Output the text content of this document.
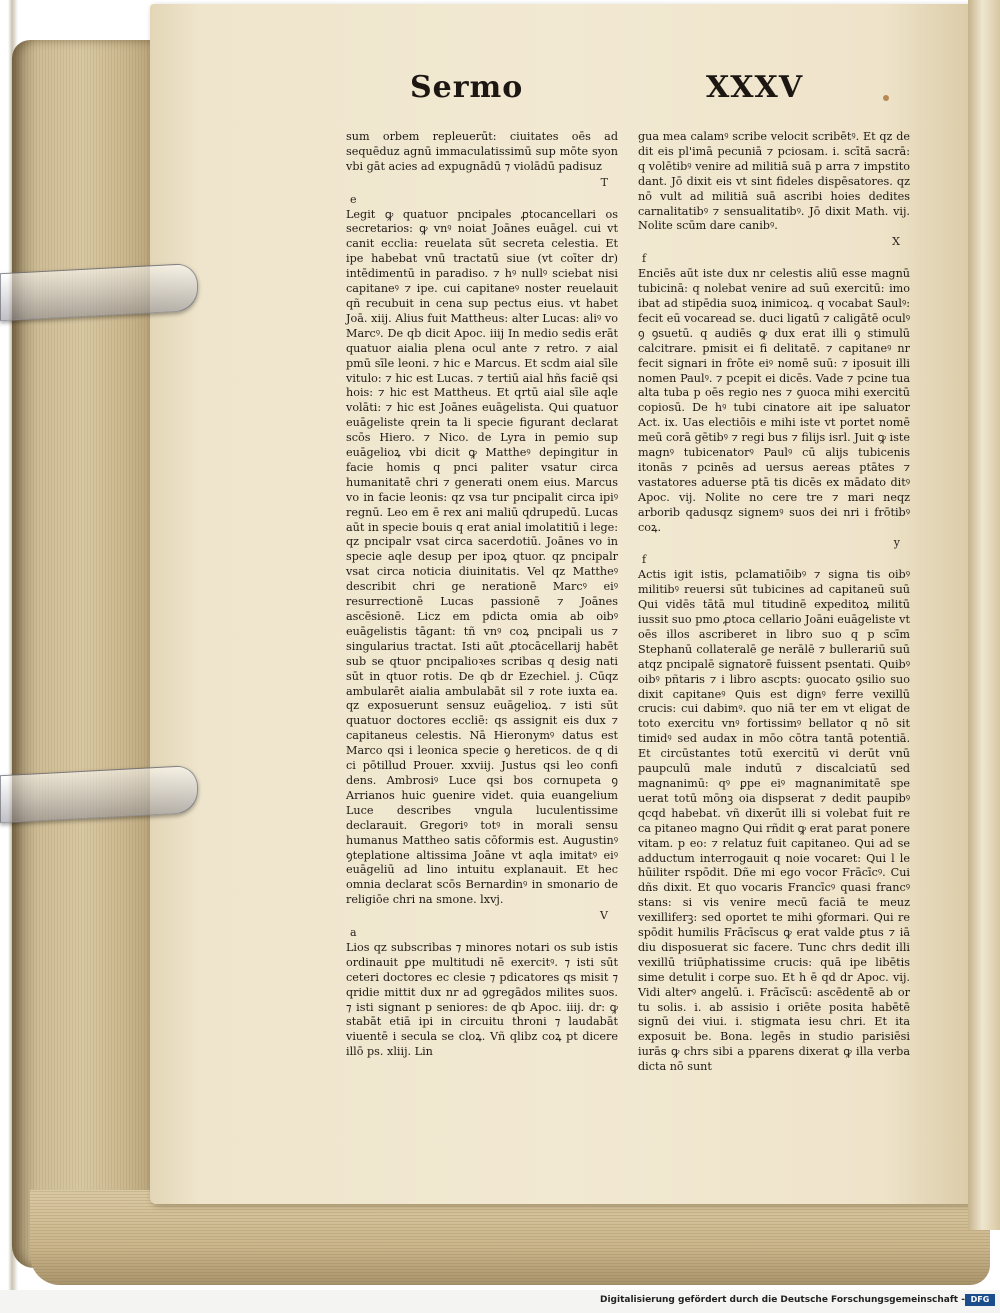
Sermo	XXXV

sum orbem repleuerūt: ciuitates oēs ad sequēduz agnū immaculatissimū sup mōte syon vbi gāt acies ad expugnādū ⁊ violādū padisuz

T
e

Legit ꝙ quatuor pncipales ꝓtocancellari os secretarios: ꝙ vnꝰ noiat Joānes euāgel. cui vt canit ecclia: reuelata sūt secreta celestia. Et ipe habebat vnū tractatū siue (vt coīter dr) intēdimentū in paradiso. ⁊ hꝰ nullꝰ sciebat nisi capitaneꝰ ⁊ ipe. cui capitaneꝰ noster reuelauit qñ recubuit in cena sup pectus eius. vt habet Joā. xiij. Alius fuit Mattheus: alter Lucas: aliꝰ vo Marcꝰ. De qb dicit Apoc. iiij In medio sedis erāt quatuor aialia plena ocul ante ⁊ retro. ⁊ aial pmū sīle leoni. ⁊ hic e Marcus. Et scdm aial sīle vitulo: ⁊ hic est Lucas. ⁊ tertiū aial hñs faciē qsi hois: ⁊ hic est Mattheus. Et qrtū aial sīle aqle volāti: ⁊ hic est Joānes euāgelista. Qui quatuor euāgeliste qrein ta li specie figurant declarat scōs Hiero. ⁊ Nico. de Lyra in pemio sup euāgelioꝝ vbi dicit ꝙ Mattheꝰ depingitur in facie homis q pnci paliter vsatur circa humanitatē chri ⁊ generati onem eius. Marcus vo in facie leonis: qz vsa tur pncipalit circa ipiꝰ regnū. Leo em ē rex ani maliū qdrupedū. Lucas aūt in specie bouis q erat anial imolatitiū i lege: qz pncipalr vsat circa sacerdotiū. Joānes vo in specie aqle desup per ipoꝝ qtuor. qz pncipalr vsat circa noticia diuinitatis. Vel qz Mattheꝰ describit chri ge nerationē Marcꝰ eiꝰ resurrectionē Lucas passionē ⁊ Joānes ascēsionē. Licz em pdicta omia ab oibꝰ euāgelistis tāgant: tñ vnꝰ coꝝ pncipali us ⁊ singularius tractat. Isti aūt ꝓtocācellarij habēt sub se qtuor pncipalioꝛes scribas q desig nati sūt in qtuor rotis. De qb dr Ezechiel. j. Cūqz ambularēt aialia ambulabāt sil ⁊ rote iuxta ea. qz exposuerunt sensuz euāgelioꝝ. ⁊ isti sūt quatuor doctores eccliē: qs assignit eis dux ⁊ capitaneus celestis. Nā Hieronymꝰ datus est Marco qsi i leonica specie ꝯ hereticos. de q di ci pōtillud Prouer. xxviij. Justus qsi leo confi dens. Ambrosiꝰ Luce qsi bos cornupeta ꝯ Arrianos huic ꝯuenire videt. quia euangelium Luce describes vngula luculentissime declarauit. Gregoriꝰ totꝰ in morali sensu humanus Mattheo satis cōformis est. Augustinꝰ ꝯteplatione altissima Joāne vt aqla imitatꝰ eiꝰ euāgeliū ad lino intuitu explanauit. Et hec omnia declarat scōs Bernardinꝰ in smonario de religiōe chri na smone. lxvj.

V
a

Lios qz subscribas ⁊ minores notari os sub istis ordinauit ꝑpe multitudi nē exercitꝰ. ⁊ isti sūt ceteri doctores ec clesie ⁊ pdicatores qs misit ⁊ qridie mittit dux nr ad ꝯgregādos milites suos. ⁊ isti signant p seniores: de qb Apoc. iiij. dr: ꝙ stabāt etiā ipi in circuitu throni ⁊ laudabāt viuentē i secula se cloꝝ. Vñ qlibz coꝝ pt dicere illō ps. xliij. Lin

gua mea calamꝰ scribe velocit scribētꝰ. Et qz de dit eis pl'imā pecuniā ⁊ pciosam. i. scītā sacrā: q volētibꝰ venire ad militiā suā p arra ⁊ impstito dant. Jō dixit eis vt sint fideles dispēsatores. qz nō vult ad militiā suā ascribi hoies dedites carnalitatibꝰ ⁊ sensualitatibꝰ. Jō dixit Math. vij. Nolite scūm dare canibꝰ.

X
f

Enciēs aūt iste dux nr celestis aliū esse magnū tubicinā: q nolebat venire ad suū exercitū: imo ibat ad stipēdia suoꝝ inimicoꝝ. q vocabat Saulꝰ: fecit eū vocaread se. duci ligatū ⁊ caligātē oculꝰ ꝯ ꝯsuetū. q audiēs ꝙ dux erat illi ꝯ stimulū calcitrare. pmisit ei fi delitatē. ⁊ capitaneꝰ nr fecit signari in frōte eiꝰ nomē suū: ⁊ iposuit illi nomen Paulꝰ. ⁊ pcepit ei dicēs. Vade ⁊ pcine tua alta tuba p oēs regio nes ⁊ ꝯuoca mihi exercitū copiosū. De hꝰ tubi cinatore ait ipe saluator Act. ix. Uas electiōis e mihi iste vt portet nomē meū corā gētibꝰ ⁊ regi bus ⁊ filijs isrl. Juit ꝙ iste magnꝰ tubicenatorꝰ Paulꝰ cū alijs tubicenis itonās ⁊ pcinēs ad uersus aereas ptātes ⁊ vastatores aduerse ptā tis dicēs ex mādato ditꝰ Apoc. vij. Nolite no cere tre ⁊ mari neqz arborib qadusqz signemꝰ suos dei nri i frōtibꝰ coꝝ.

y
f

Actis igit istis, pclamatiōibꝰ ⁊ signa tis oibꝰ militibꝰ reuersi sūt tubicines ad capitaneū suū Qui vidēs tātā mul titudinē expeditoꝝ militū iussit suo pmo ꝓtoca cellario Joāni euāgeliste vt oēs illos ascriberet in libro suo q p scīm Stephanū collateralē ge nerālē ⁊ bullerariū suū atqz pncipalē signatorē fuissent psentati. Quibꝰ oibꝰ pñtaris ⁊ i libro ascpts: ꝯuocato ꝯsilio suo dixit capitaneꝰ Quis est dignꝰ ferre vexillū crucis: cui dabimꝰ. quo niā ter em vt eligat de toto exercitu vnꝰ fortissimꝰ bellator q nō sit timidꝰ sed audax in mōo cōtra tantā potentiā. Et circūstantes totū exercitū vi derūt vnū paupculū male indutū ⁊ discalciatū sed magnanimū: qꝰ ꝑpe eiꝰ magnanimitatē spe uerat totū mōnꝫ oia dispserat ⁊ dedit paupibꝰ qcqd habebat. vñ dixerūt illi si volebat fuit re ca pitaneo magno Qui rñdit ꝙ erat parat ponere vitam. p eo: ⁊ relatuz fuit capitaneo. Qui ad se adductum interrogauit q noie vocaret: Qui l le hūiliter rspōdit. Dñe mi ego vocor Frācīcꝰ. Cui dñs dixit. Et quo vocaris Francīcꝰ quasi francꝰ stans: si vis venire mecū faciā te meuz vexilliferꝫ: sed oportet te mihi ꝯformari. Qui re spōdit humilis Frācīscus ꝙ erat valde ꝑtus ⁊ iā diu disposuerat sic facere. Tunc chrs dedit illi vexillū triūphatissime crucis: quā ipe libētis sime detulit i corpe suo. Et h ē qd dr Apoc. vij. Vidi alterꝰ angelū. i. Frācīscū: ascēdentē ab or tu solis. i. ab assisio i oriēte posita habētē signū dei viui. i. stigmata iesu chri. Et ita exposuit be. Bona. legēs in studio parisiēsi iurās ꝙ chrs sibi a pparens dixerat ꝙ illa verba dicta nō sunt

Digitalisierung gefördert durch die Deutsche Forschungsgemeinschaft - DFG
